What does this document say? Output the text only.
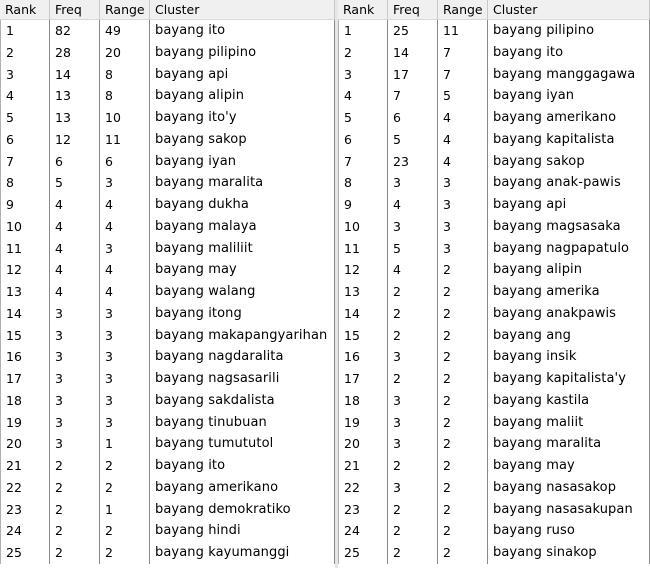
Rank	Freq	Range Cluster
1	82	49	bayang ito
2	28	20	bayang pilipino
3	14	8	bayang api
4	13	8	bayang alipin
5	13	10	bayang ito'y
6	12	11	bayang sakop
7	6	6	bayang iyan
8	5	3	bayang maralita
9	4	4	bayang dukha
10	4	4	bayang malaya
11	4	3	bayang maliliit
12	4	4	bayang may
13	4	4	bayang walang
14	3	3	bayang itong
15	3	3	bayang makapangyarihan
16	3	3	bayang nagdaralita
17	3	3	bayang nagsasarili
18	3	3	bayang sakdalista
19	3	3	bayang tinubuan
20	3	1	bayang tumututol
21	2	2	bayang ito
22	2	2	bayang amerikano
23	2	1	bayang demokratiko
24	2	2	bayang hindi
25	2	2	bayang kayumanggi
Rank	Freq	Range Cluster
1	25	11	bayang pilipino
2	14	7	bayang ito
3	17	7	bayang manggagawa
4	7	5	bayang iyan
5	6	4	bayang amerikano
6	5	4	bayang kapitalista
7	23	4	bayang sakop
8	3	3	bayang anak-pawis
9	4	3	bayang api
10	3	3	bayang magsasaka
11	5	3	bayang nagpapatulo
12	4	2	bayang alipin
13	2	2	bayang amerika
14	2	2	bayang anakpawis
15	2	2	bayang ang
16	3	2	bayang insik
17	2	2	bayang kapitalista'y
18	3	2	bayang kastila
19	3	2	bayang maliit
20	3	2	bayang maralita
21	2	2	bayang may
22	3	2	bayang nasasakop
23	2	2	bayang nasasakupan
24	2	2	bayang ruso
25	2	2	bayang sinakop
